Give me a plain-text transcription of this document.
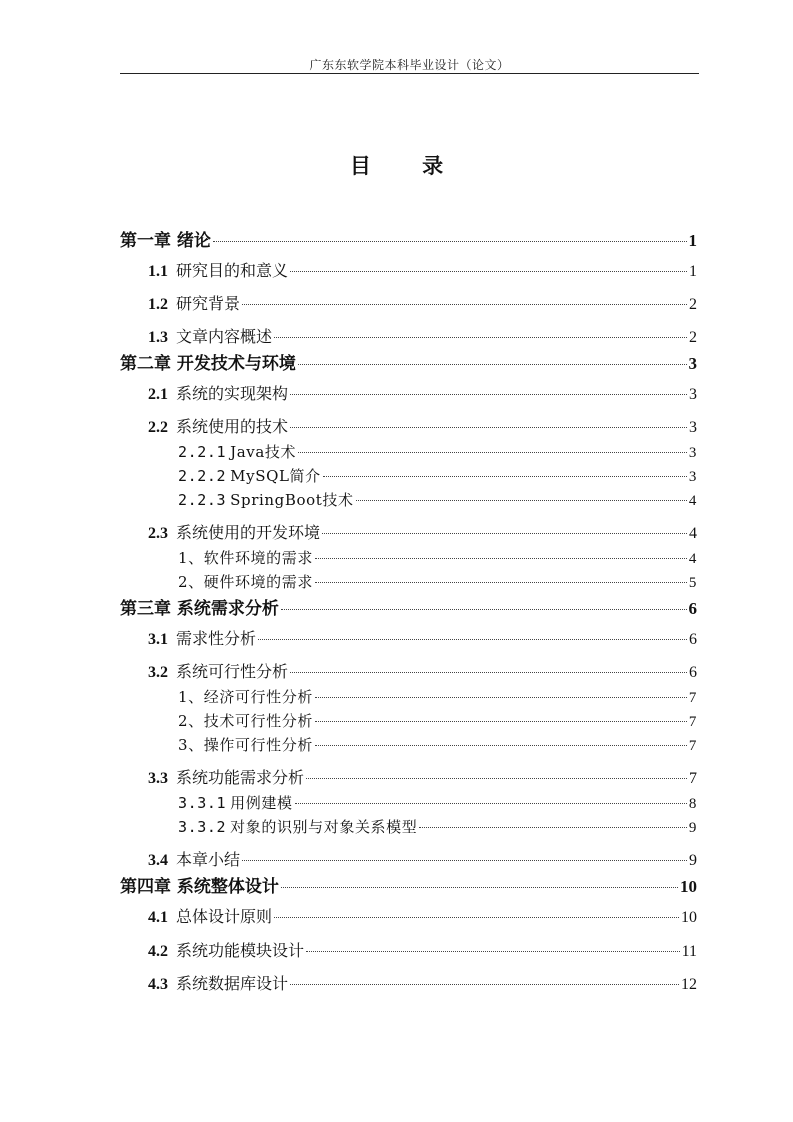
广东东软学院本科毕业设计（论文）
目 录
第一章 绪论	1
1.1 研究目的和意义	1
1.2 研究背景	2
1.3 文章内容概述	2
第二章 开发技术与环境	3
2.1 系统的实现架构	3
2.2 系统使用的技术	3
2.2.1 Java技术	3
2.2.2 MySQL简介	3
2.2.3 SpringBoot技术	4
2.3 系统使用的开发环境	4
1、软件环境的需求	4
2、硬件环境的需求	5
第三章 系统需求分析	6
3.1 需求性分析	6
3.2 系统可行性分析	6
1、经济可行性分析	7
2、技术可行性分析	7
3、操作可行性分析	7
3.3 系统功能需求分析	7
3.3.1 用例建模	8
3.3.2 对象的识别与对象关系模型	9
3.4 本章小结	9
第四章 系统整体设计	10
4.1 总体设计原则	10
4.2 系统功能模块设计	11
4.3 系统数据库设计	12
